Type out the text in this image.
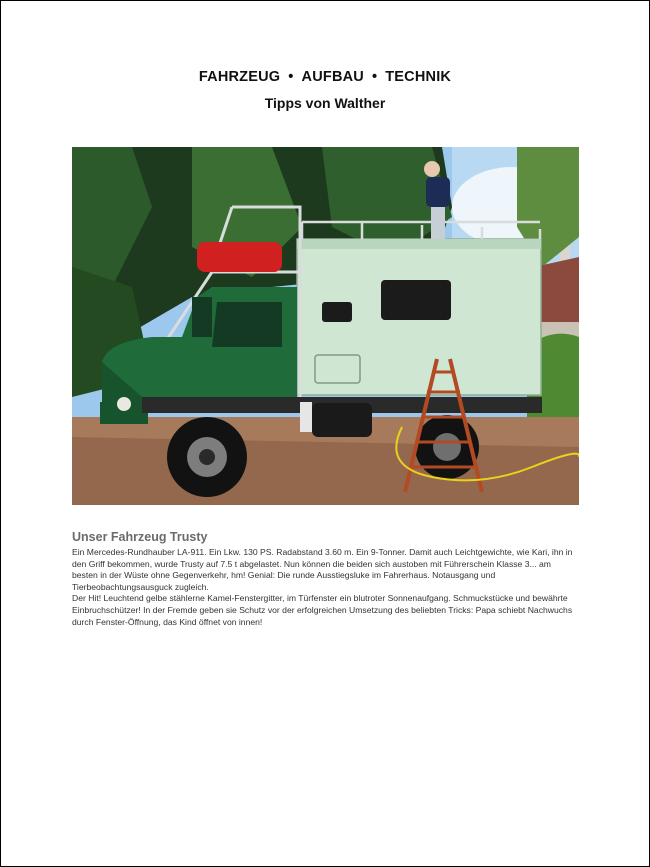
FAHRZEUG • AUFBAU • TECHNIK
Tipps von Walther
Unser Fahrzeug Trusty

Ein Mercedes-Rundhauber LA-911. Ein Lkw. 130 PS. Radabstand 3.60 m. Ein 9-Tonner. Damit auch Leichtgewichte, wie Kari, ihn in den Griff bekommen, wurde Trusty auf 7.5 t abgelastet. Nun können die beiden sich austoben mit Führerschein Klasse 3... am besten in der Wüste ohne Gegenverkehr, hm! Genial: Die runde Ausstiegsluke im Fahrerhaus. Notausgang und Tierbeobachtungsausguck zugleich.

Der Hit! Leuchtend gelbe stählerne Kamel-Fenstergitter, im Türfenster ein blutroter Sonnenaufgang. Schmuckstücke und bewährte Einbruchschützer! In der Fremde geben sie Schutz vor der erfolgreichen Umsetzung des beliebten Tricks: Papa schiebt Nachwuchs durch Fenster-Öffnung, das Kind öffnet von innen!
